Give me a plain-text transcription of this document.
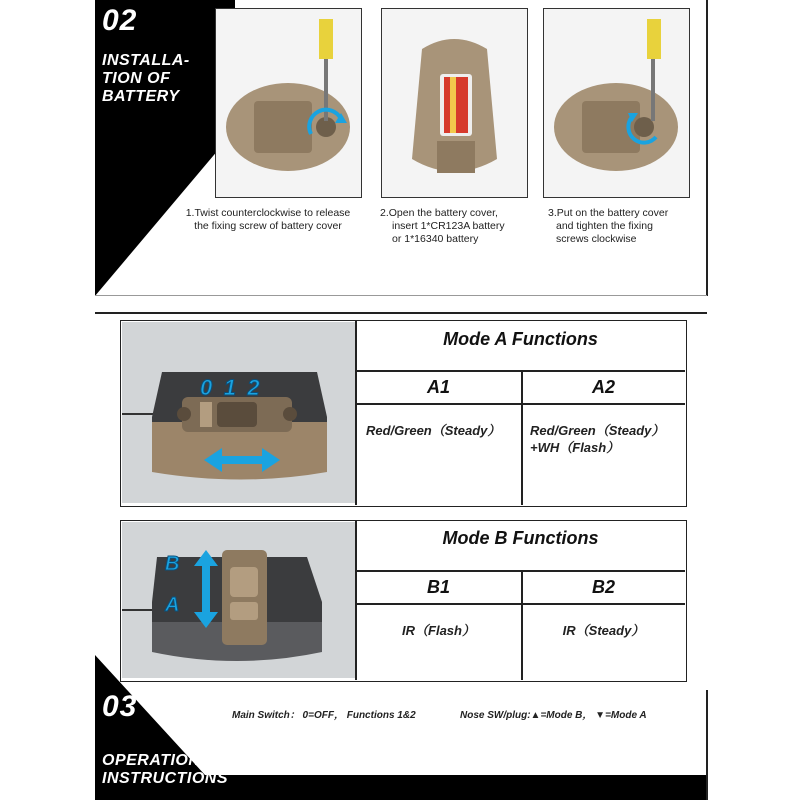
02
INSTALLA-
TION OF
BATTERY
1.Twist counterclockwise to release
the fixing screw of battery cover
2.Open the battery cover,
insert 1*CR123A battery
or 1*16340 battery
3.Put on the battery cover
and tighten the fixing
screws clockwise
0 1 2
Mode A Functions
A1	A2
Red/Green（Steady）	Red/Green（Steady）
+WH（Flash）
B
A
Mode B Functions
B1	B2
IR（Flash）	IR（Steady）
03
OPERATION
INSTRUCTIONS
Main Switch： 0=OFF， Functions 1&2	Nose SW/plug:▲=Mode B， ▼=Mode A
